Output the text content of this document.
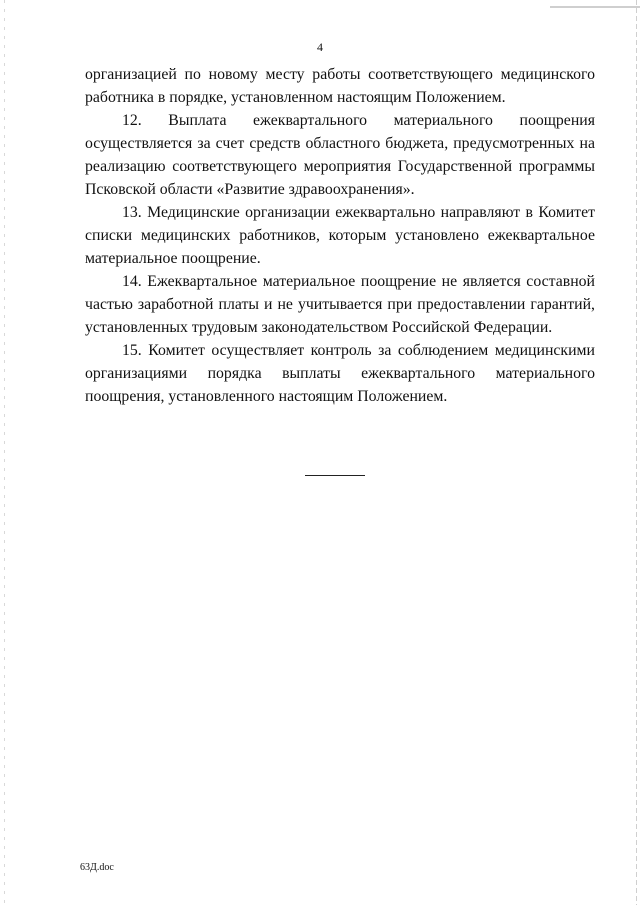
4

организацией по новому месту работы соответствующего медицинского работника в порядке, установленном настоящим Положением.

12. Выплата ежеквартального материального поощрения осуществляется за счет средств областного бюджета, предусмотренных на реализацию соответствующего мероприятия Государственной программы Псковской области «Развитие здравоохранения».

13. Медицинские организации ежеквартально направляют в Комитет списки медицинских работников, которым установлено ежеквартальное материальное поощрение.

14. Ежеквартальное материальное поощрение не является составной частью заработной платы и не учитывается при предоставлении гарантий, установленных трудовым законодательством Российской Федерации.

15. Комитет осуществляет контроль за соблюдением медицинскими организациями порядка выплаты ежеквартального материального поощрения, установленного настоящим Положением.

63Д.doc
